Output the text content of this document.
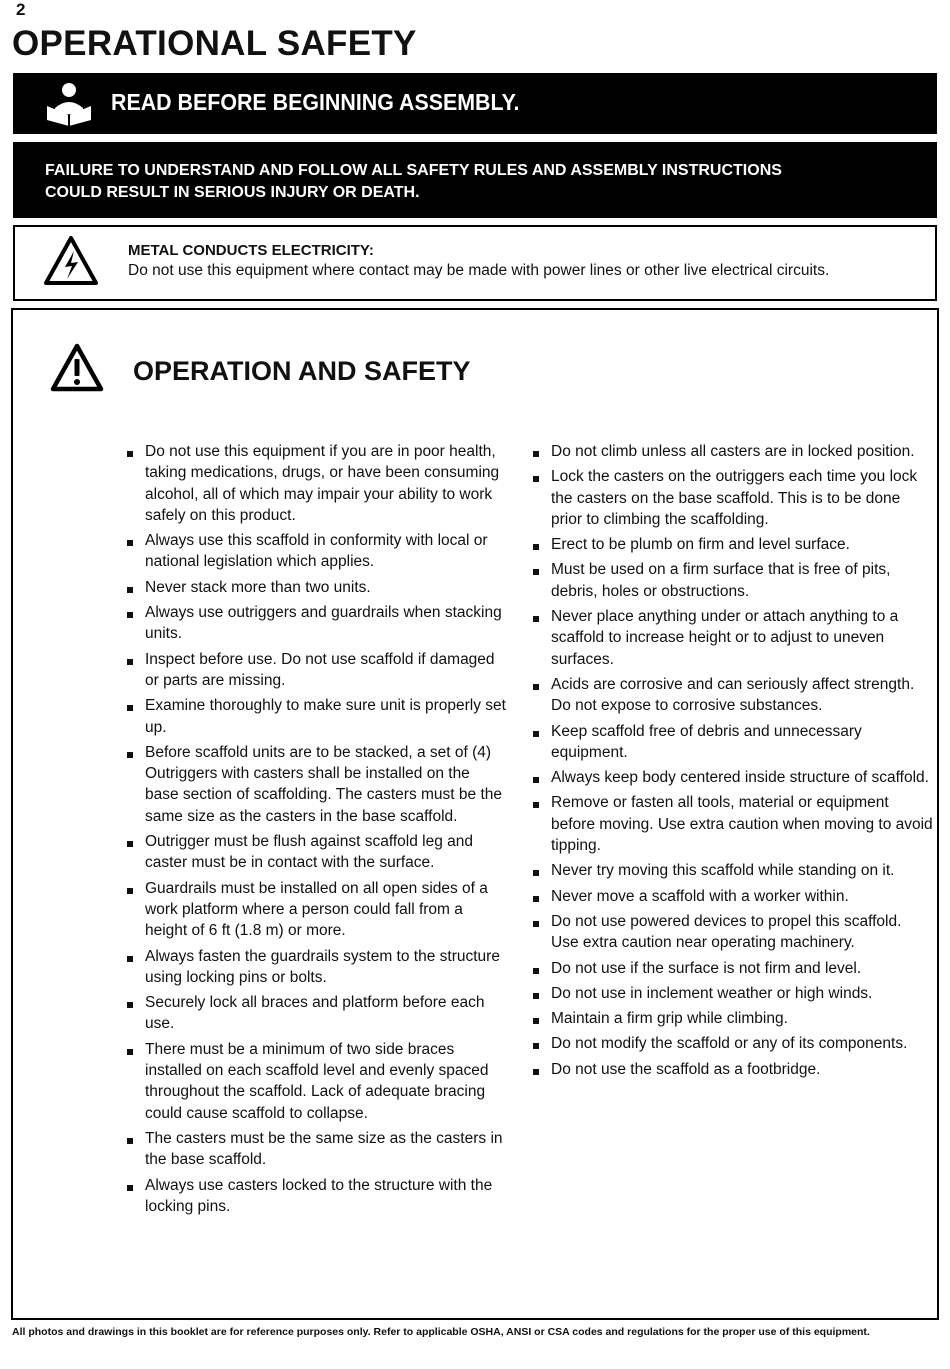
2
OPERATIONAL SAFETY
READ BEFORE BEGINNING ASSEMBLY.
FAILURE TO UNDERSTAND AND FOLLOW ALL SAFETY RULES AND ASSEMBLY INSTRUCTIONS
COULD RESULT IN SERIOUS INJURY OR DEATH.
METAL CONDUCTS ELECTRICITY:
Do not use this equipment where contact may be made with power lines or other live electrical circuits.
OPERATION AND SAFETY
Do not use this equipment if you are in poor health, taking medications, drugs, or have been consuming alcohol, all of which may impair your ability to work safely on this product.
Always use this scaffold in conformity with local or national legislation which applies.
Never stack more than two units.
Always use outriggers and guardrails when stacking units.
Inspect before use. Do not use scaffold if damaged or parts are missing.
Examine thoroughly to make sure unit is properly set up.
Before scaffold units are to be stacked, a set of (4) Outriggers with casters shall be installed on the base section of scaffolding. The casters must be the same size as the casters in the base scaffold.
Outrigger must be flush against scaffold leg and caster must be in contact with the surface.
Guardrails must be installed on all open sides of a work platform where a person could fall from a height of 6 ft (1.8 m) or more.
Always fasten the guardrails system to the structure using locking pins or bolts.
Securely lock all braces and platform before each use.
There must be a minimum of two side braces installed on each scaffold level and evenly spaced throughout the scaffold. Lack of adequate bracing could cause scaffold to collapse.
The casters must be the same size as the casters in the base scaffold.
Always use casters locked to the structure with the locking pins.
Do not climb unless all casters are in locked position.
Lock the casters on the outriggers each time you lock the casters on the base scaffold. This is to be done prior to climbing the scaffolding.
Erect to be plumb on firm and level surface.
Must be used on a firm surface that is free of pits, debris, holes or obstructions.
Never place anything under or attach anything to a scaffold to increase height or to adjust to uneven surfaces.
Acids are corrosive and can seriously affect strength. Do not expose to corrosive substances.
Keep scaffold free of debris and unnecessary equipment.
Always keep body centered inside structure of scaffold.
Remove or fasten all tools, material or equipment before moving. Use extra caution when moving to avoid tipping.
Never try moving this scaffold while standing on it.
Never move a scaffold with a worker within.
Do not use powered devices to propel this scaffold. Use extra caution near operating machinery.
Do not use if the surface is not firm and level.
Do not use in inclement weather or high winds.
Maintain a firm grip while climbing.
Do not modify the scaffold or any of its components.
Do not use the scaffold as a footbridge.
All photos and drawings in this booklet are for reference purposes only. Refer to applicable OSHA, ANSI or CSA codes and regulations for the proper use of this equipment.
